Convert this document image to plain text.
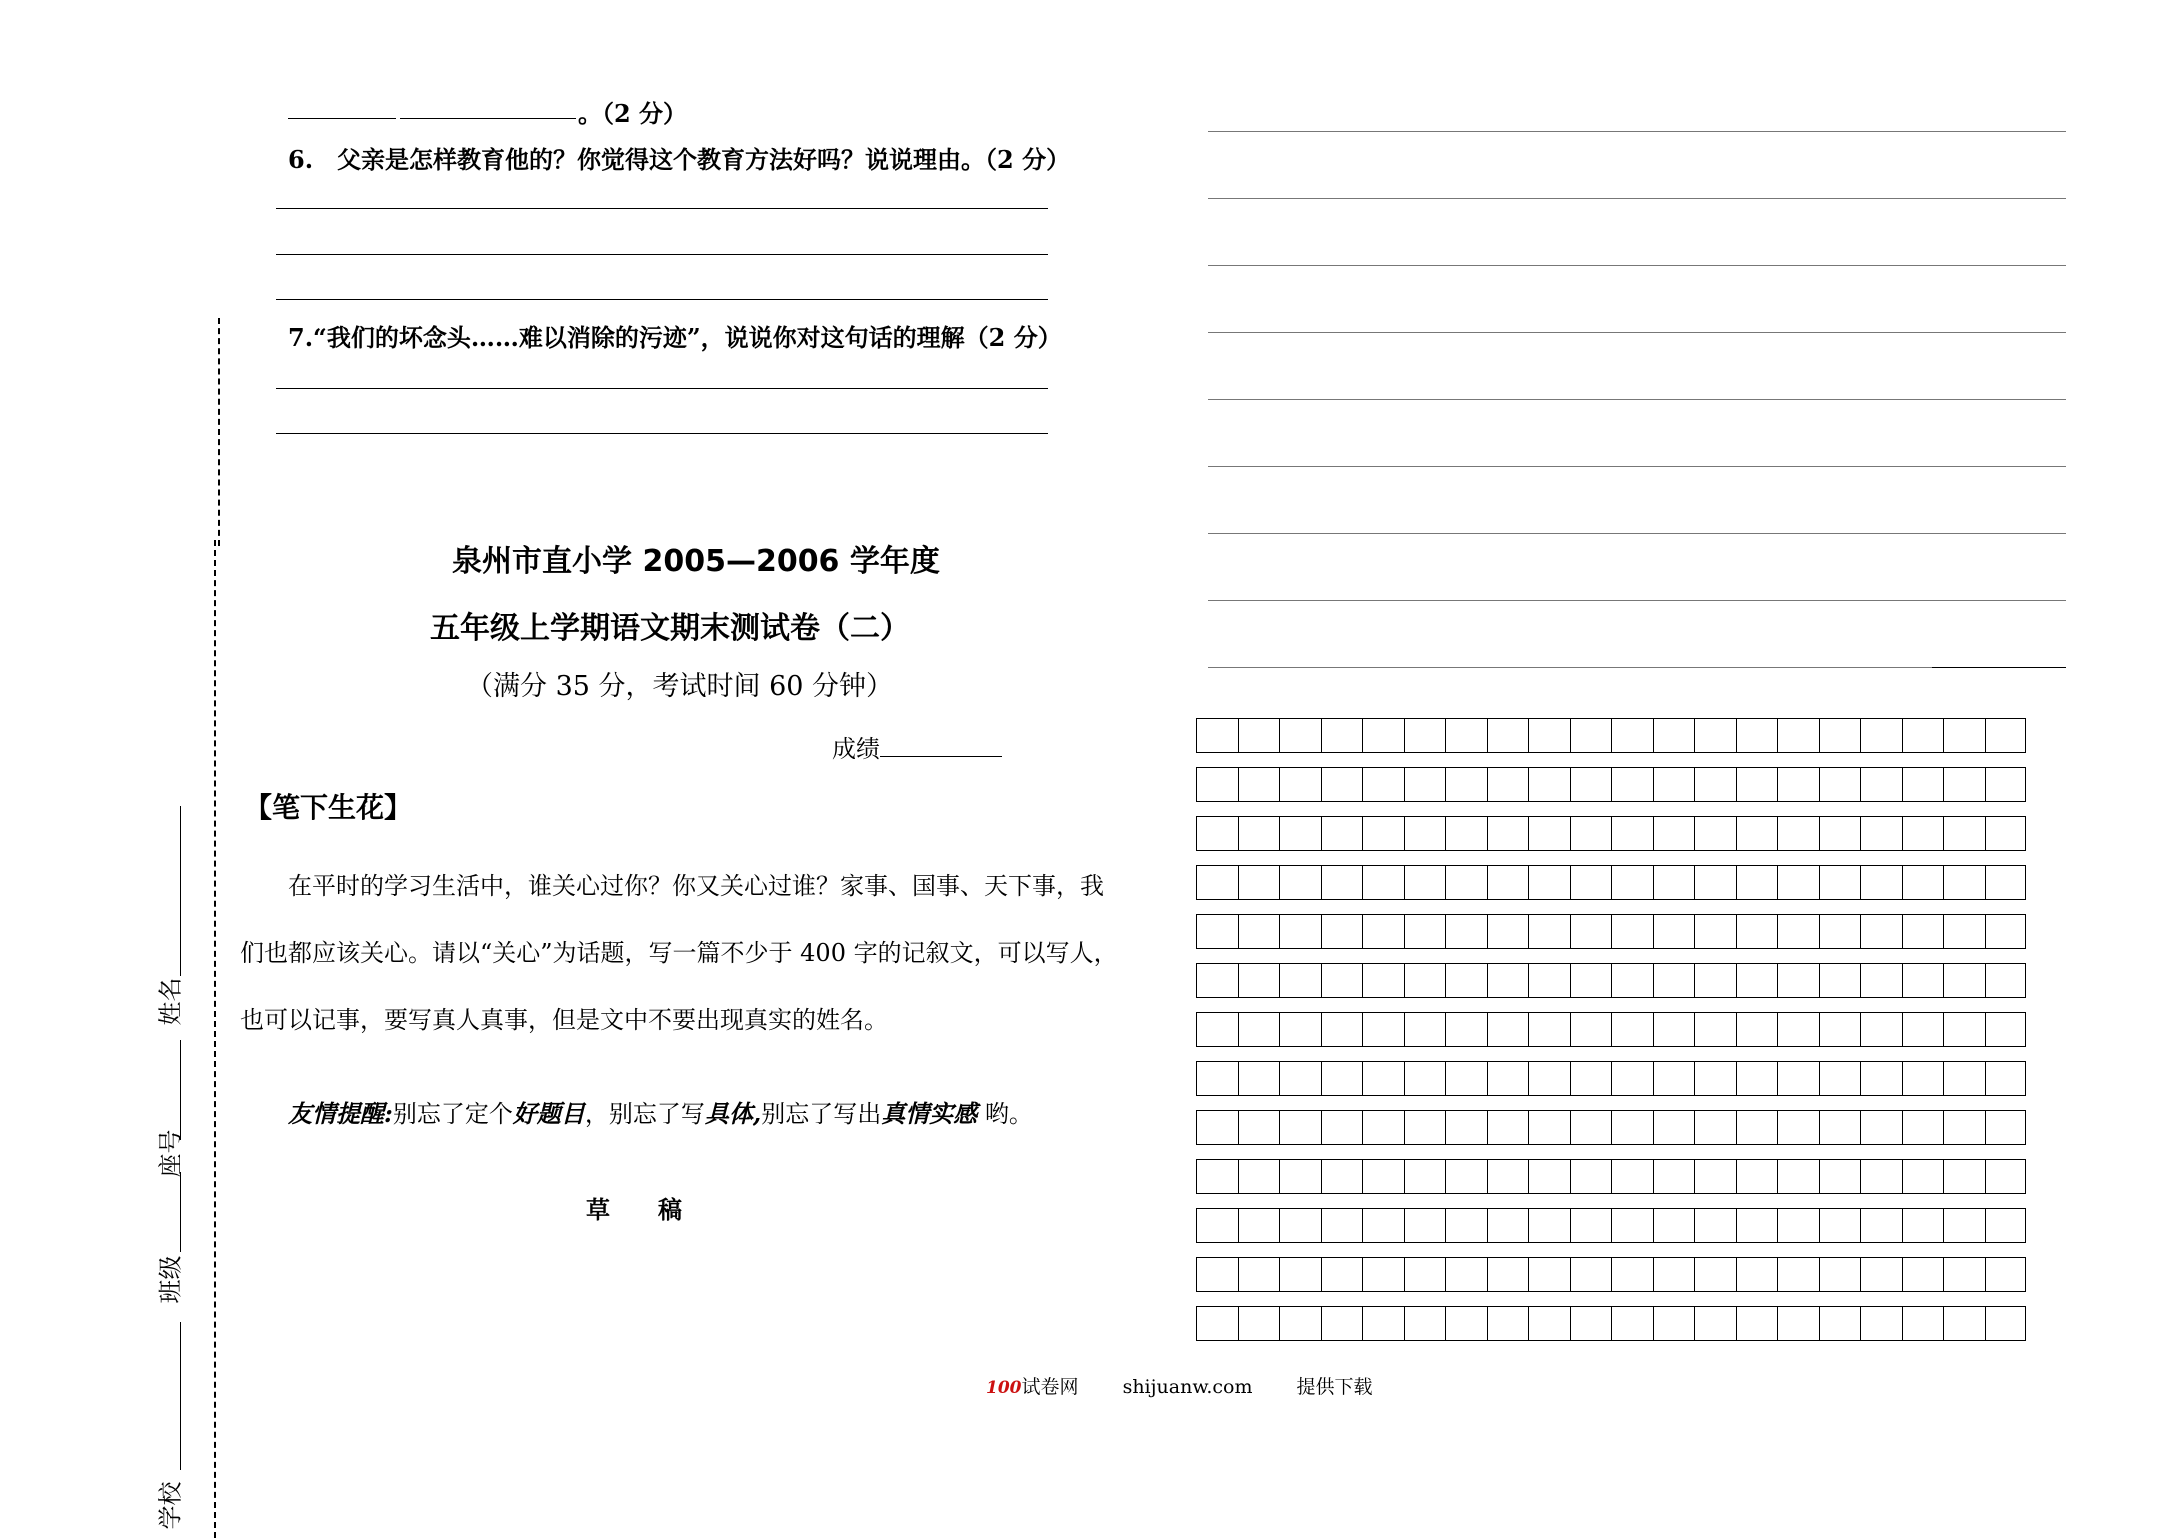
。（2 分）
6.　父亲是怎样教育他的？你觉得这个教育方法好吗？说说理由。（2 分）
7.“我们的坏念头……难以消除的污迹”，说说你对这句话的理解（2 分）
姓名
座号
班级
学校
泉州市直小学 2005—2006 学年度
五年级上学期语文期末测试卷（二）
（满分 35 分，考试时间 60 分钟）
成绩
【笔下生花】
在平时的学习生活中，谁关心过你？你又关心过谁？家事、国事、天下事，我
们也都应该关心。请以“关心”为话题，写一篇不少于 400 字的记叙文，可以写人，
也可以记事，要写真人真事，但是文中不要出现真实的姓名。
友情提醒:别忘了定个好题目，别忘了写具体,别忘了写出真情实感 哟。
草　　稿
100试卷网 shijuanw.com 提供下载
